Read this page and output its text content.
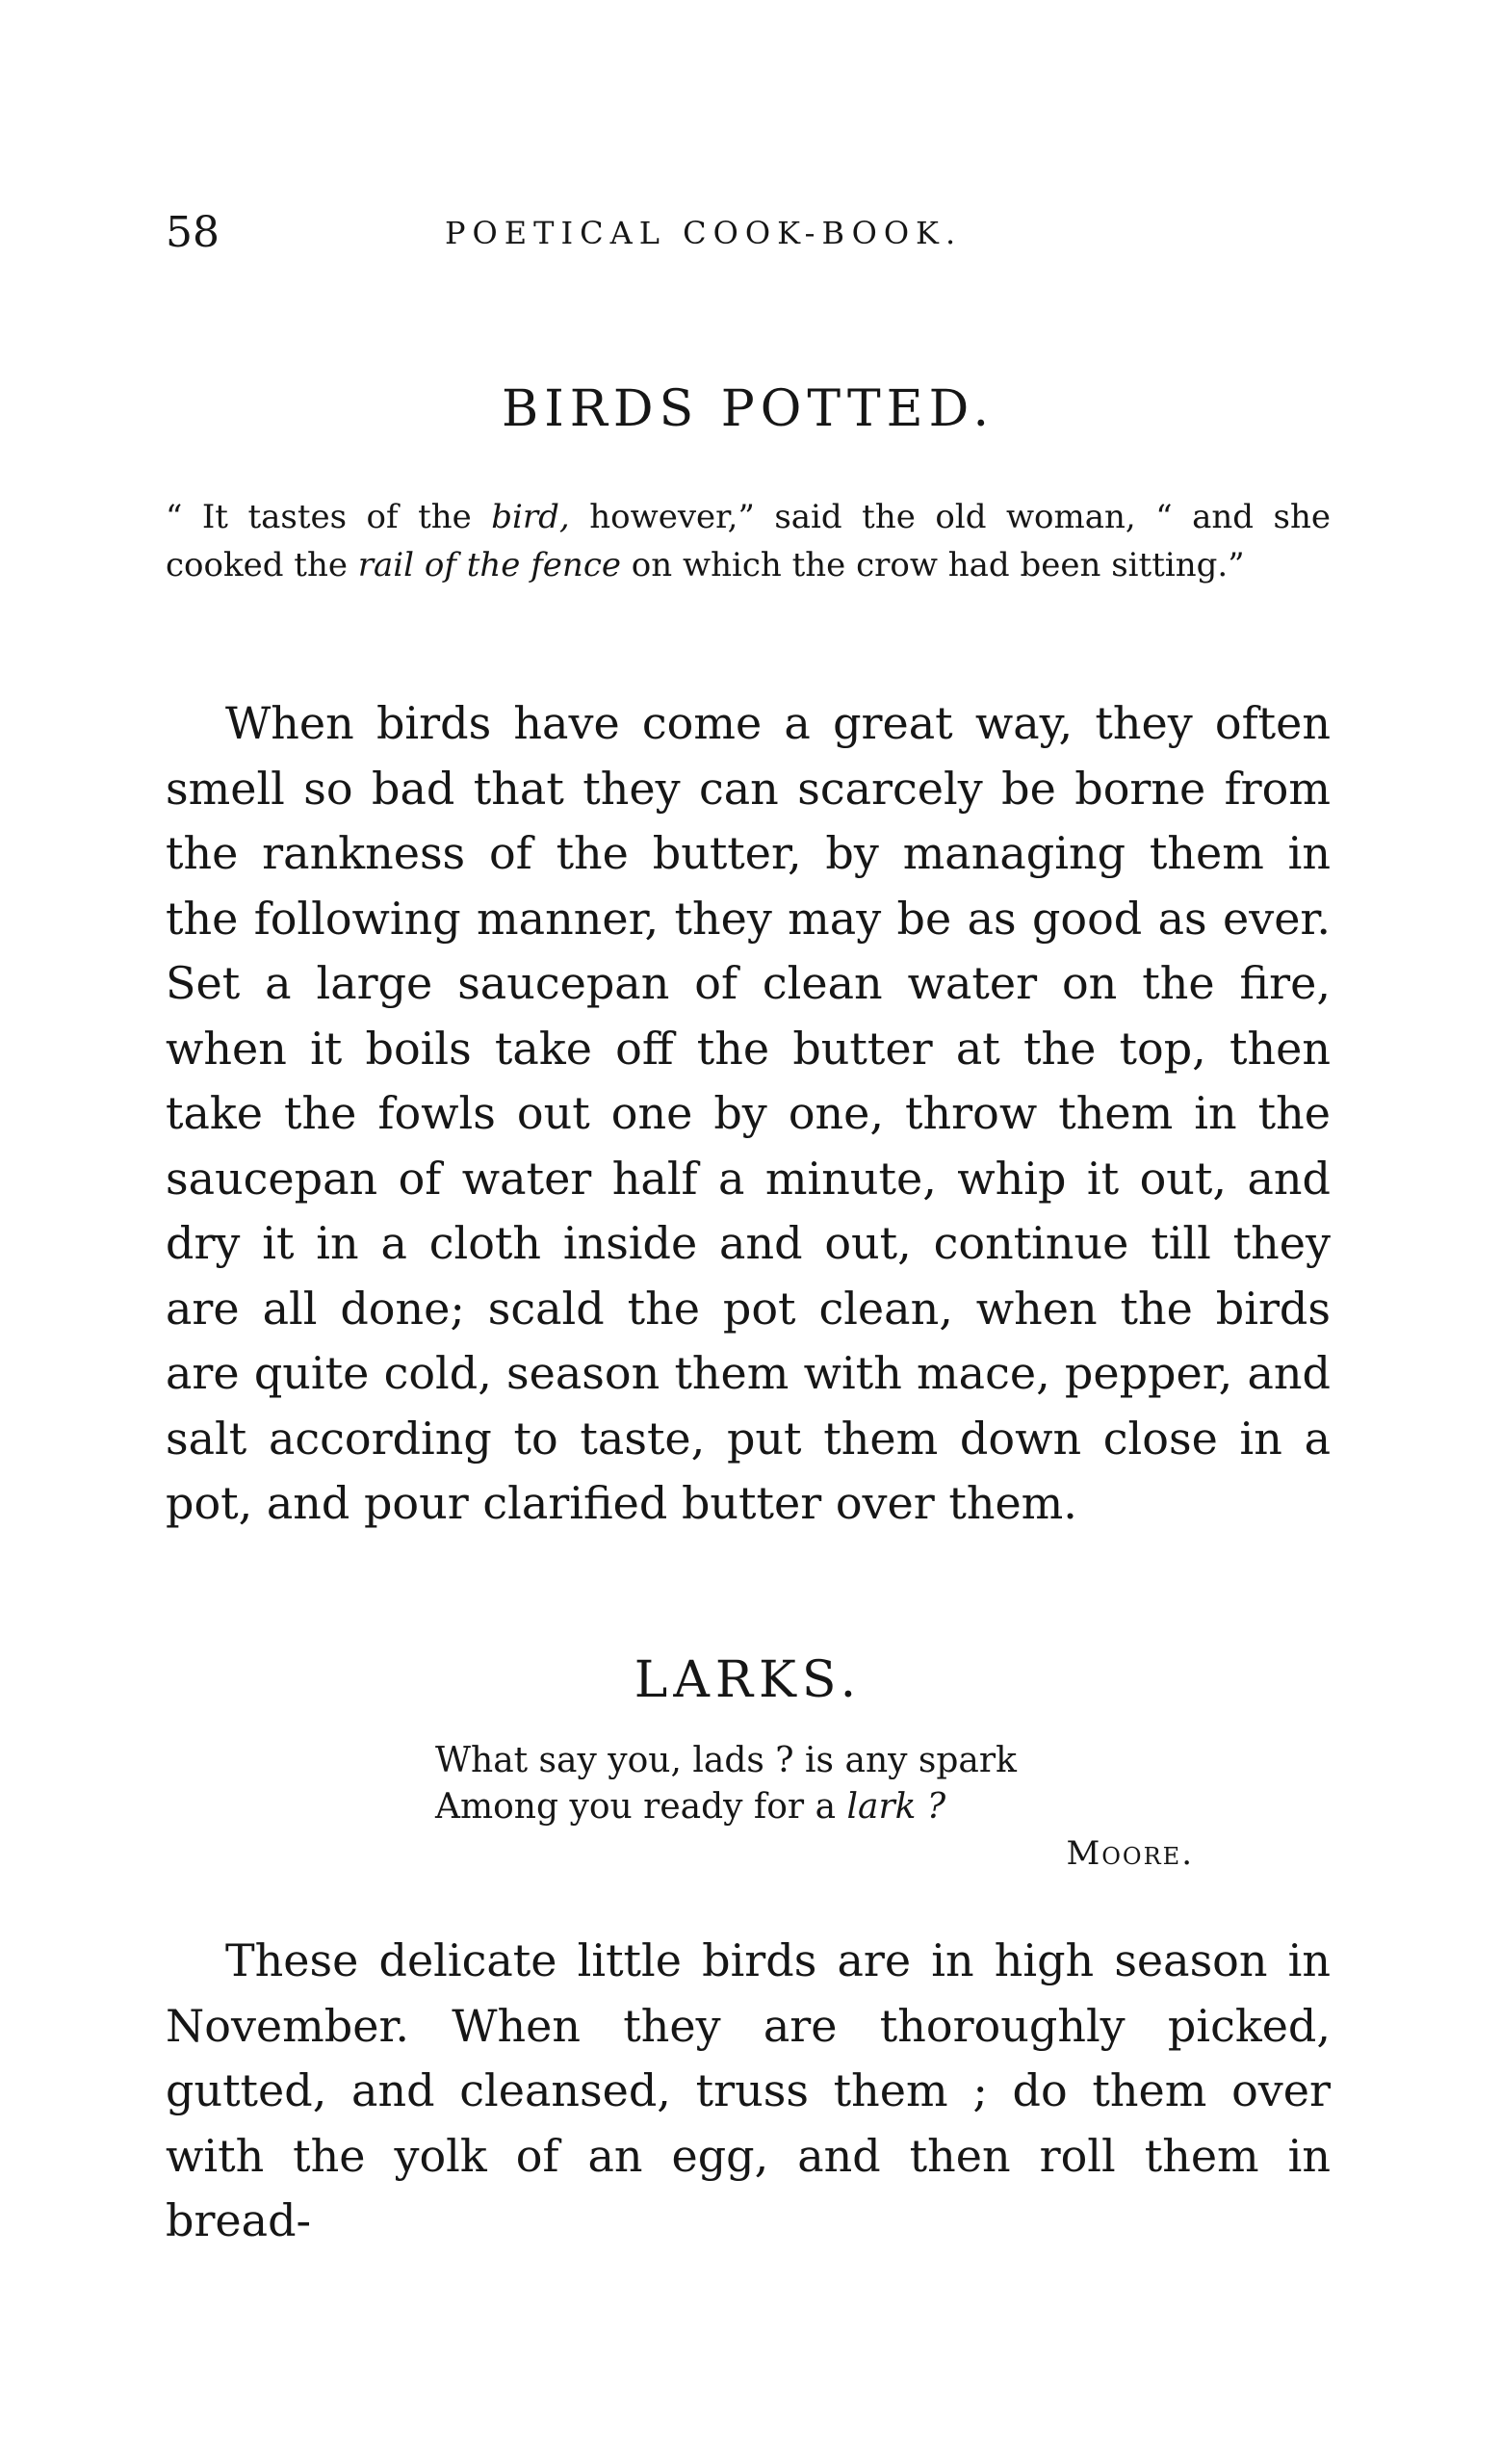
58	POETICAL COOK-BOOK.
BIRDS POTTED.

“ It tastes of the bird, however,” said the old woman, “ and she cooked the rail of the fence on which the crow had been sitting.”

When birds have come a great way, they often smell so bad that they can scarcely be borne from the rankness of the butter, by managing them in the following manner, they may be as good as ever. Set a large saucepan of clean water on the fire, when it boils take off the butter at the top, then take the fowls out one by one, throw them in the saucepan of water half a minute, whip it out, and dry it in a cloth inside and out, continue till they are all done; scald the pot clean, when the birds are quite cold, season them with mace, pepper, and salt according to taste, put them down close in a pot, and pour clarified butter over them.

LARKS.
What say you, lads ? is any spark
Among you ready for a lark ?
Moore.

These delicate little birds are in high season in November. When they are thoroughly picked, gutted, and cleansed, truss them ; do them over with the yolk of an egg, and then roll them in bread-
